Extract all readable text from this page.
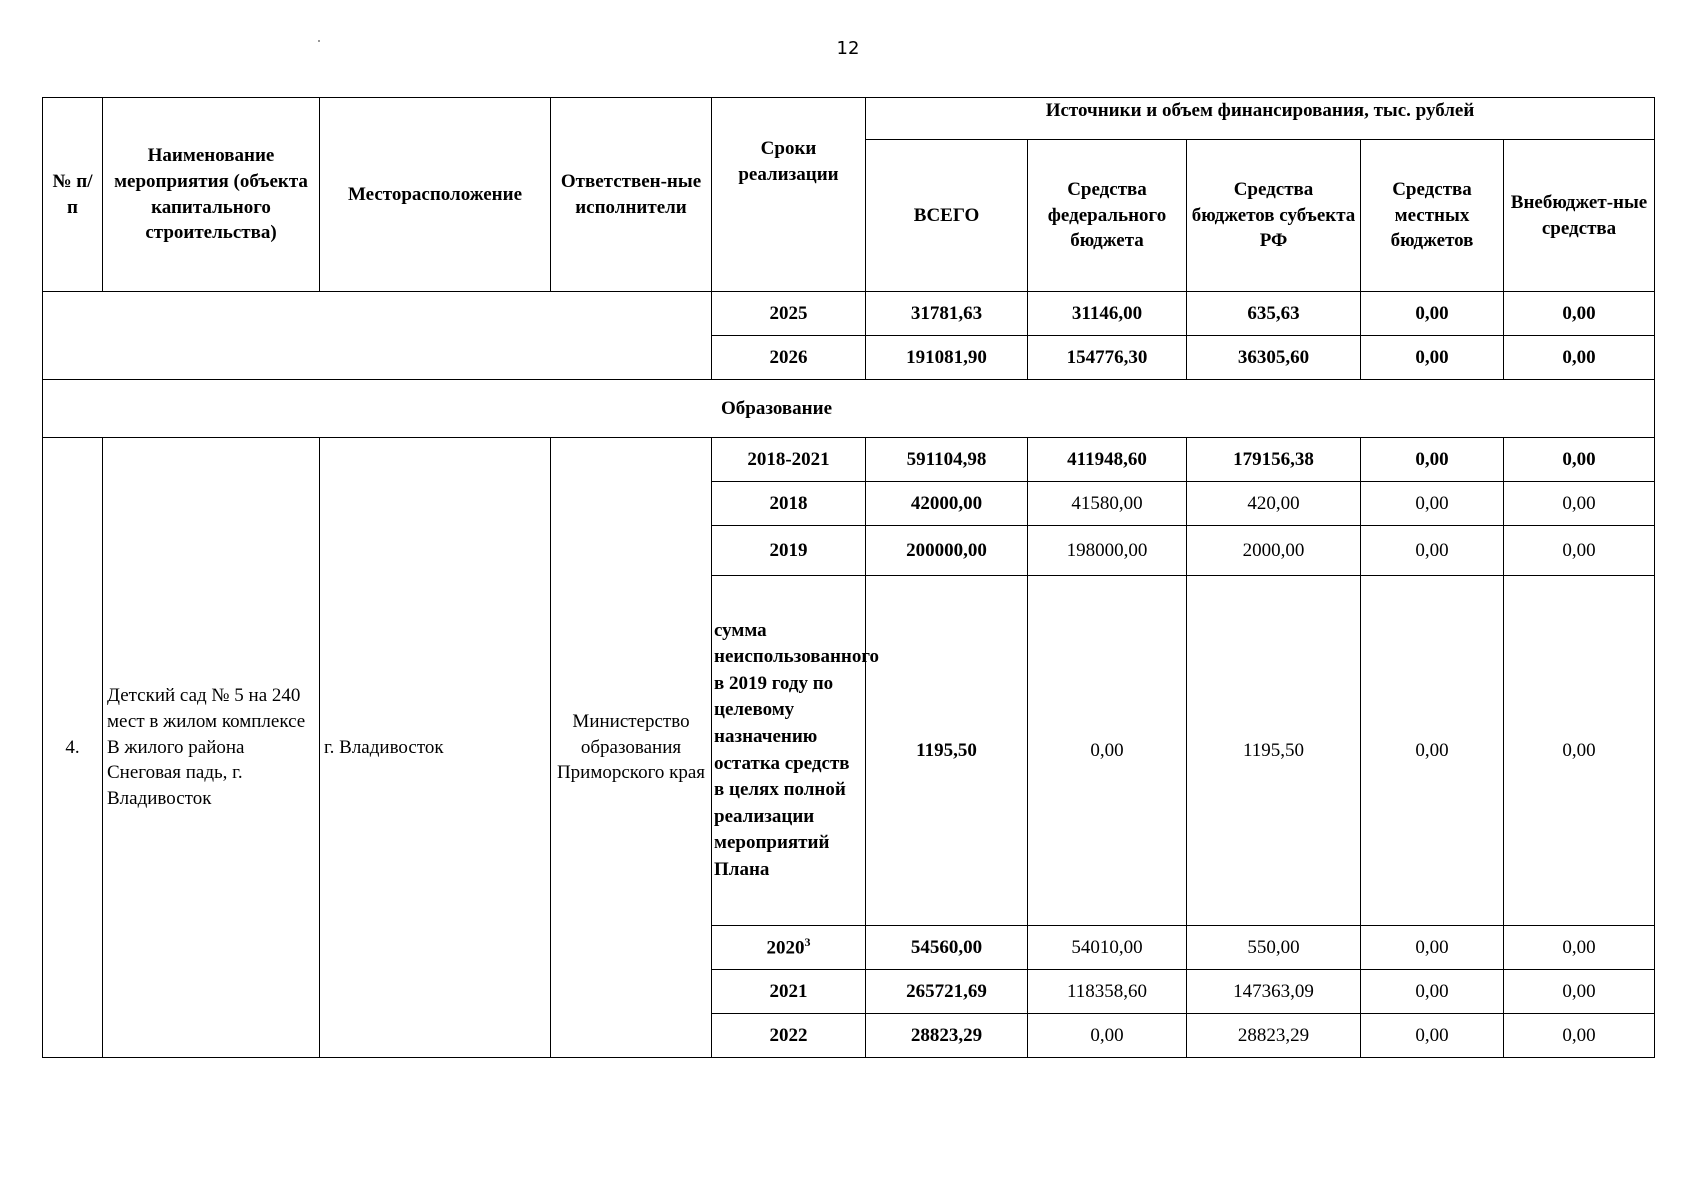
12
№ п/п	Наименование мероприятия (объекта капитального строительства)	Месторасположение	Ответствен-ные исполнители	Сроки реализации	Источники и объем финансирования, тыс. рублей				
					ВСЕГО	Средства федерального бюджета	Средства бюджетов субъекта РФ	Средства местных бюджетов	Внебюджет-ные средства
				2025	31781,63	31146,00	635,63	0,00	0,00
				2026	191081,90	154776,30	36305,60	0,00	0,00
Образование									
4.	Детский сад № 5 на 240 мест в жилом комплексе В жилого района Снеговая падь, г. Владивосток	г. Владивосток	Министерство образования Приморского края	2018-2021	591104,98	411948,60	179156,38	0,00	0,00
				2018	42000,00	41580,00	420,00	0,00	0,00
				2019	200000,00	198000,00	2000,00	0,00	0,00
				сумма неиспользованного в 2019 году по целевому назначению остатка средств в целях полной реализации мероприятий Плана	1195,50	0,00	1195,50	0,00	0,00
				2020$^3$	54560,00	54010,00	550,00	0,00	0,00
				2021	265721,69	118358,60	147363,09	0,00	0,00
				2022	28823,29	0,00	28823,29	0,00	0,00
